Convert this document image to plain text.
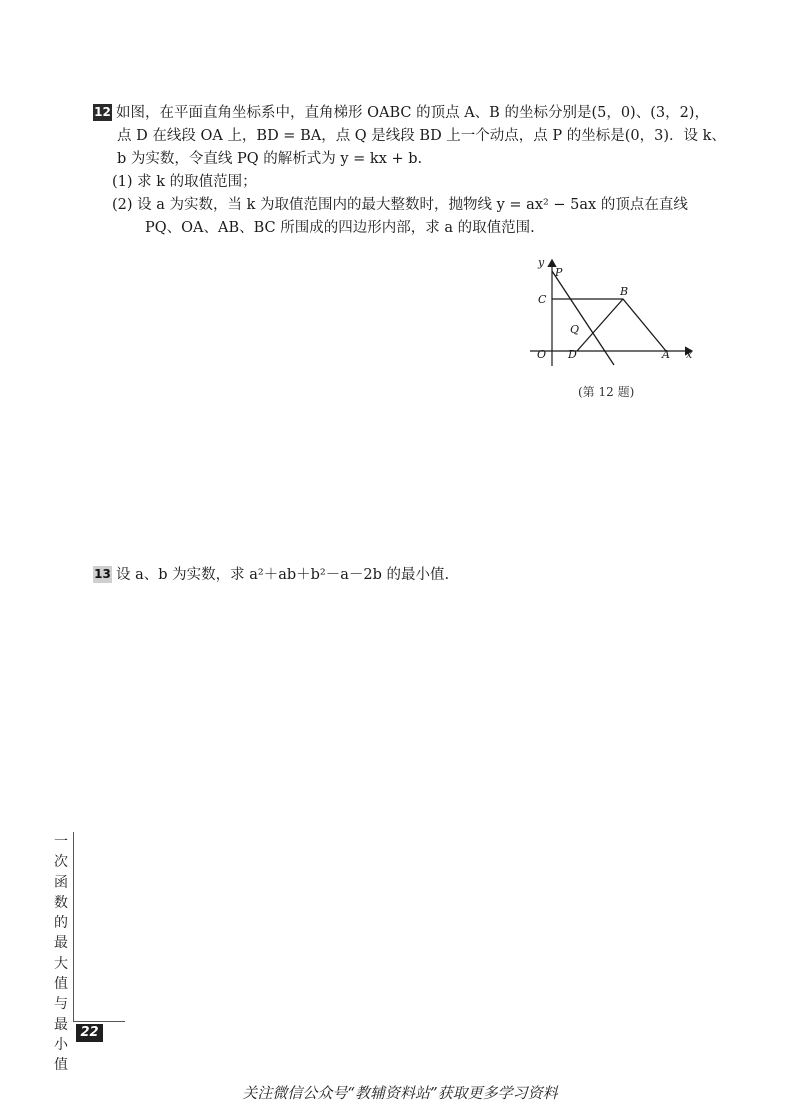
12 如图，在平面直角坐标系中，直角梯形 OABC 的顶点 A、B 的坐标分别是(5，0)、(3，2)，
点 D 在线段 OA 上，BD = BA，点 Q 是线段 BD 上一个动点，点 P 的坐标是(0，3)．设 k、
b 为实数，令直线 PQ 的解析式为 y = kx + b.
(1) 求 k 的取值范围；
(2) 设 a 为实数，当 k 为取值范围内的最大整数时，抛物线 y = ax² − 5ax 的顶点在直线
PQ、OA、AB、BC 所围成的四边形内部，求 a 的取值范围.
y
P
C
B
Q
O D	A x
(第 12 题)
13 设 a、b 为实数，求 a²＋ab＋b²－a－2b 的最小值.
一
次
函
数
的
最
大
值
与
最
小
值
22
关注微信公众号“教辅资料站”获取更多学习资料
